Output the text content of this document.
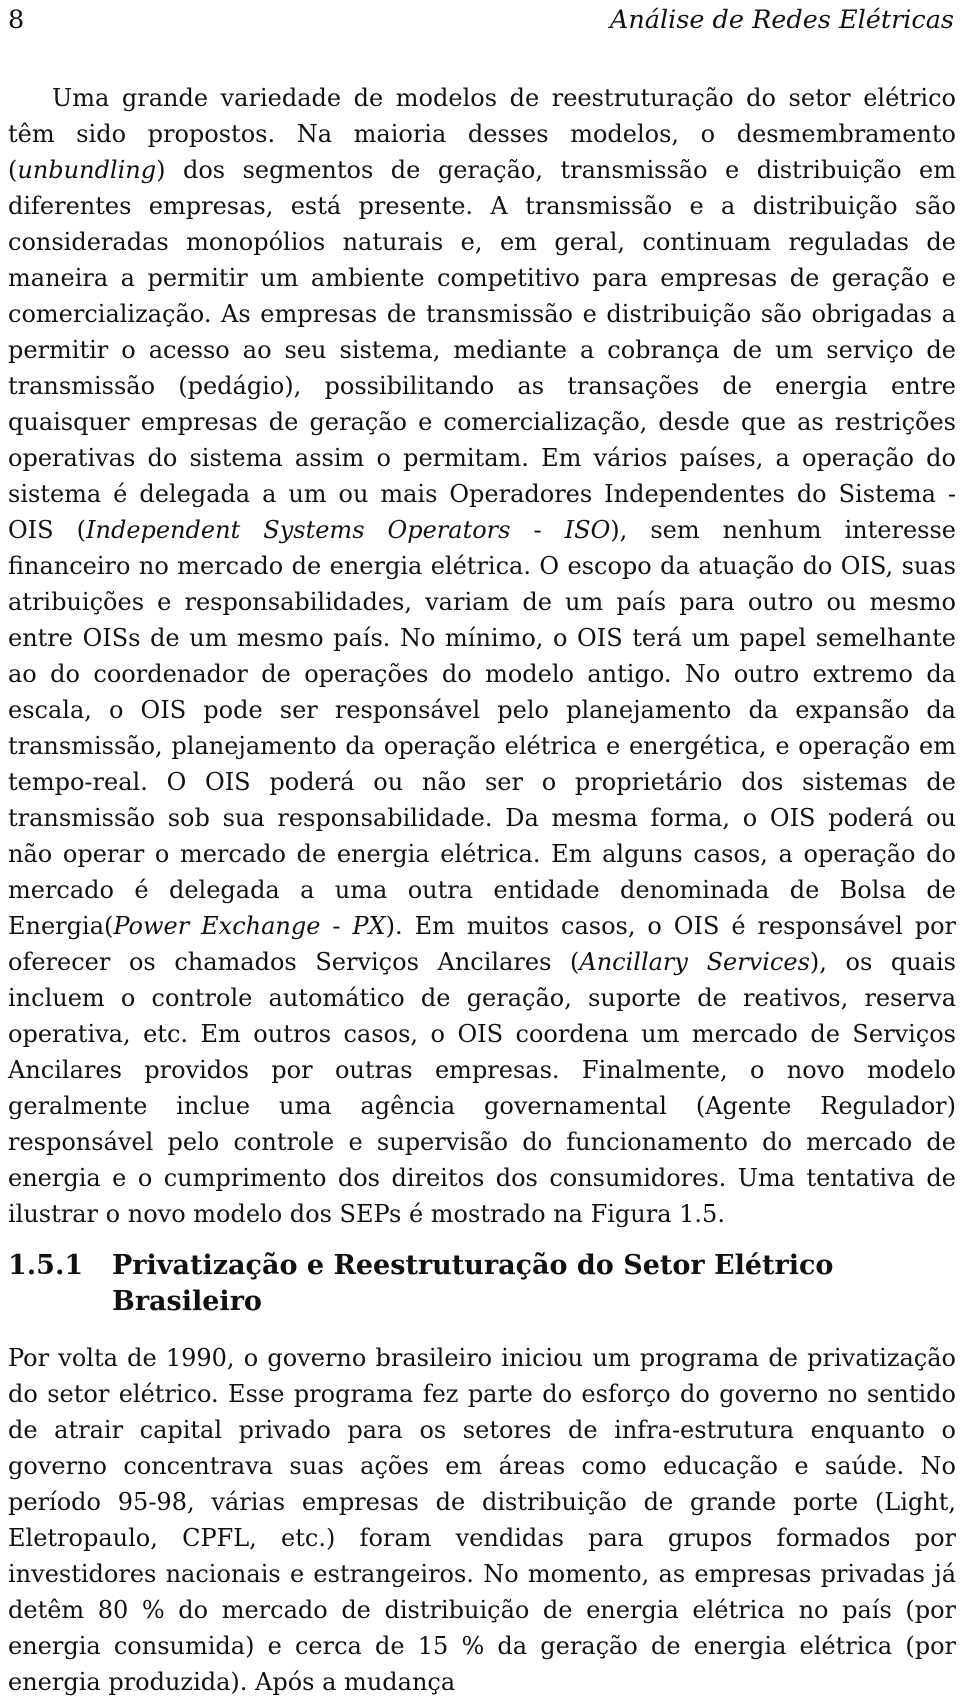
8	Análise de Redes Elétricas

Uma grande variedade de modelos de reestruturação do setor elétrico têm sido propostos. Na maioria desses modelos, o desmembramento (unbundling) dos segmentos de geração, transmissão e distribuição em diferentes empresas, está presente. A transmissão e a distribuição são consideradas monopólios naturais e, em geral, continuam reguladas de maneira a permitir um ambiente competitivo para empresas de geração e comercialização. As empresas de transmissão e distribuição são obrigadas a permitir o acesso ao seu sistema, mediante a cobrança de um serviço de transmissão (pedágio), possibilitando as transações de energia entre quaisquer empresas de geração e comercialização, desde que as restrições operativas do sistema assim o permitam. Em vários países, a operação do sistema é delegada a um ou mais Operadores Independentes do Sistema - OIS (Independent Systems Operators - ISO), sem nenhum interesse financeiro no mercado de energia elétrica. O escopo da atuação do OIS, suas atribuições e responsabilidades, variam de um país para outro ou mesmo entre OISs de um mesmo país. No mínimo, o OIS terá um papel semelhante ao do coordenador de operações do modelo antigo. No outro extremo da escala, o OIS pode ser responsável pelo planejamento da expansão da transmissão, planejamento da operação elétrica e energética, e operação em tempo-real. O OIS poderá ou não ser o proprietário dos sistemas de transmissão sob sua responsabilidade. Da mesma forma, o OIS poderá ou não operar o mercado de energia elétrica. Em alguns casos, a operação do mercado é delegada a uma outra entidade denominada de Bolsa de Energia(Power Exchange - PX). Em muitos casos, o OIS é responsável por oferecer os chamados Serviços Ancilares (Ancillary Services), os quais incluem o controle automático de geração, suporte de reativos, reserva operativa, etc. Em outros casos, o OIS coordena um mercado de Serviços Ancilares providos por outras empresas. Finalmente, o novo modelo geralmente inclue uma agência governamental (Agente Regulador) responsável pelo controle e supervisão do funcionamento do mercado de energia e o cumprimento dos direitos dos consumidores. Uma tentativa de ilustrar o novo modelo dos SEPs é mostrado na Figura 1.5.

1.5.1 Privatização e Reestruturação do Setor Elétrico Brasileiro

Por volta de 1990, o governo brasileiro iniciou um programa de privatização do setor elétrico. Esse programa fez parte do esforço do governo no sentido de atrair capital privado para os setores de infra-estrutura enquanto o governo concentrava suas ações em áreas como educação e saúde. No período 95-98, várias empresas de distribuição de grande porte (Light, Eletropaulo, CPFL, etc.) foram vendidas para grupos formados por investidores nacionais e estrangeiros. No momento, as empresas privadas já detêm 80 % do mercado de distribuição de energia elétrica no país (por energia consumida) e cerca de 15 % da geração de energia elétrica (por energia produzida). Após a mudança
